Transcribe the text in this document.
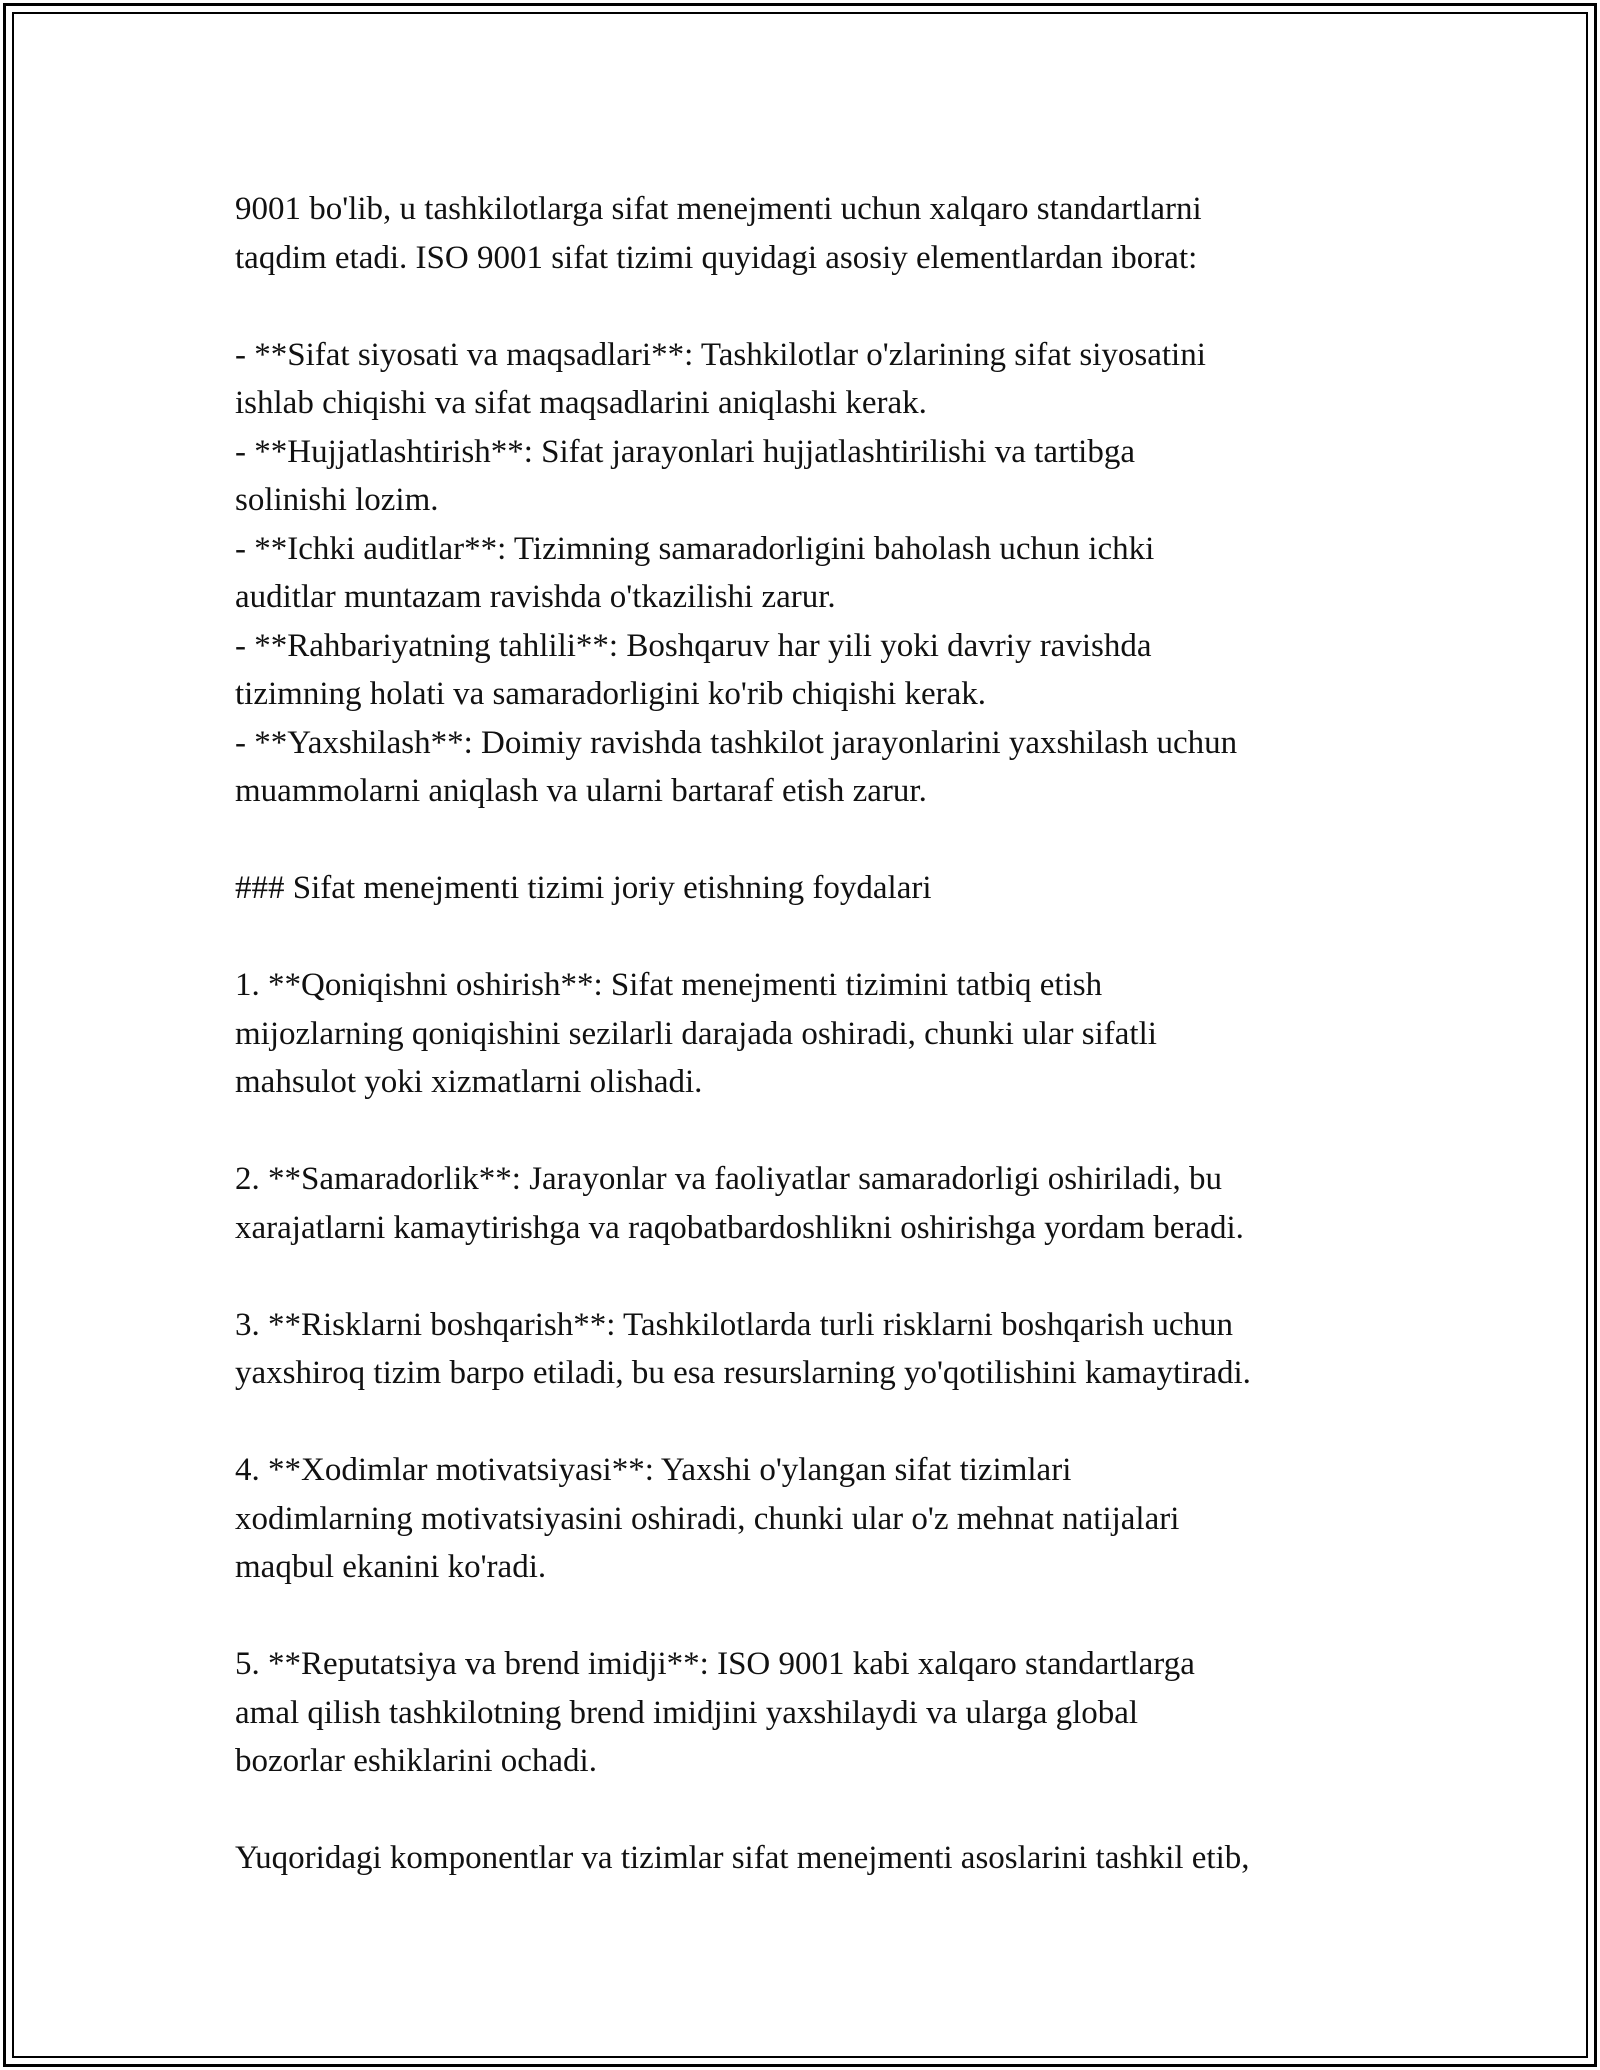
9001 bo'lib, u tashkilotlarga sifat menejmenti uchun xalqaro standartlarni
taqdim etadi. ISO 9001 sifat tizimi quyidagi asosiy elementlardan iborat:

- **Sifat siyosati va maqsadlari**: Tashkilotlar o'zlarining sifat siyosatini
ishlab chiqishi va sifat maqsadlarini aniqlashi kerak.

- **Hujjatlashtirish**: Sifat jarayonlari hujjatlashtirilishi va tartibga
solinishi lozim.

- **Ichki auditlar**: Tizimning samaradorligini baholash uchun ichki
auditlar muntazam ravishda o'tkazilishi zarur.

- **Rahbariyatning tahlili**: Boshqaruv har yili yoki davriy ravishda
tizimning holati va samaradorligini ko'rib chiqishi kerak.

- **Yaxshilash**: Doimiy ravishda tashkilot jarayonlarini yaxshilash uchun
muammolarni aniqlash va ularni bartaraf etish zarur.

### Sifat menejmenti tizimi joriy etishning foydalari

1. **Qoniqishni oshirish**: Sifat menejmenti tizimini tatbiq etish
mijozlarning qoniqishini sezilarli darajada oshiradi, chunki ular sifatli
mahsulot yoki xizmatlarni olishadi.

2. **Samaradorlik**: Jarayonlar va faoliyatlar samaradorligi oshiriladi, bu
xarajatlarni kamaytirishga va raqobatbardoshlikni oshirishga yordam beradi.

3. **Risklarni boshqarish**: Tashkilotlarda turli risklarni boshqarish uchun
yaxshiroq tizim barpo etiladi, bu esa resurslarning yo'qotilishini kamaytiradi.

4. **Xodimlar motivatsiyasi**: Yaxshi o'ylangan sifat tizimlari
xodimlarning motivatsiyasini oshiradi, chunki ular o'z mehnat natijalari
maqbul ekanini ko'radi.

5. **Reputatsiya va brend imidji**: ISO 9001 kabi xalqaro standartlarga
amal qilish tashkilotning brend imidjini yaxshilaydi va ularga global
bozorlar eshiklarini ochadi.

Yuqoridagi komponentlar va tizimlar sifat menejmenti asoslarini tashkil etib,
